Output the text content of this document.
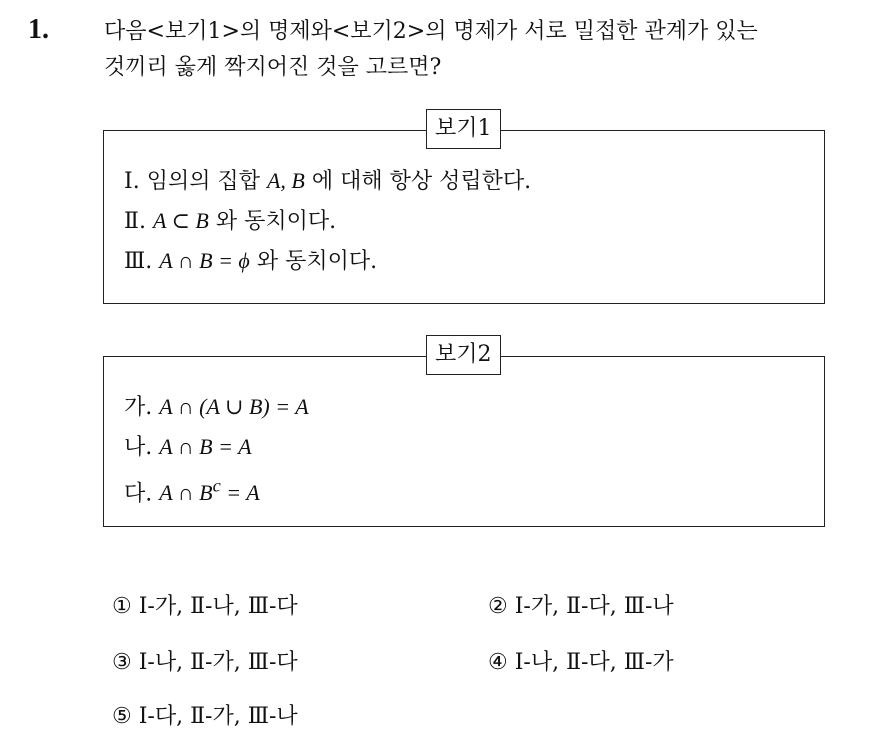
1.	다음<보기1>의 명제와<보기2>의 명제가 서로 밀접한 관계가 있는
것끼리 옳게 짝지어진 것을 고르면?
보기1
Ⅰ. 임의의 집합 A, B 에 대해 항상 성립한다.
Ⅱ. A ⊂ B 와 동치이다.
Ⅲ. A ∩ B = ϕ 와 동치이다.
보기2
가. A ∩ (A ∪ B) = A
나. A ∩ B = A
다. A ∩ $B^c = A$
① Ⅰ-가, Ⅱ-나, Ⅲ-다	② Ⅰ-가, Ⅱ-다, Ⅲ-나
③ Ⅰ-나, Ⅱ-가, Ⅲ-다	④ Ⅰ-나, Ⅱ-다, Ⅲ-가
⑤ Ⅰ-다, Ⅱ-가, Ⅲ-나
